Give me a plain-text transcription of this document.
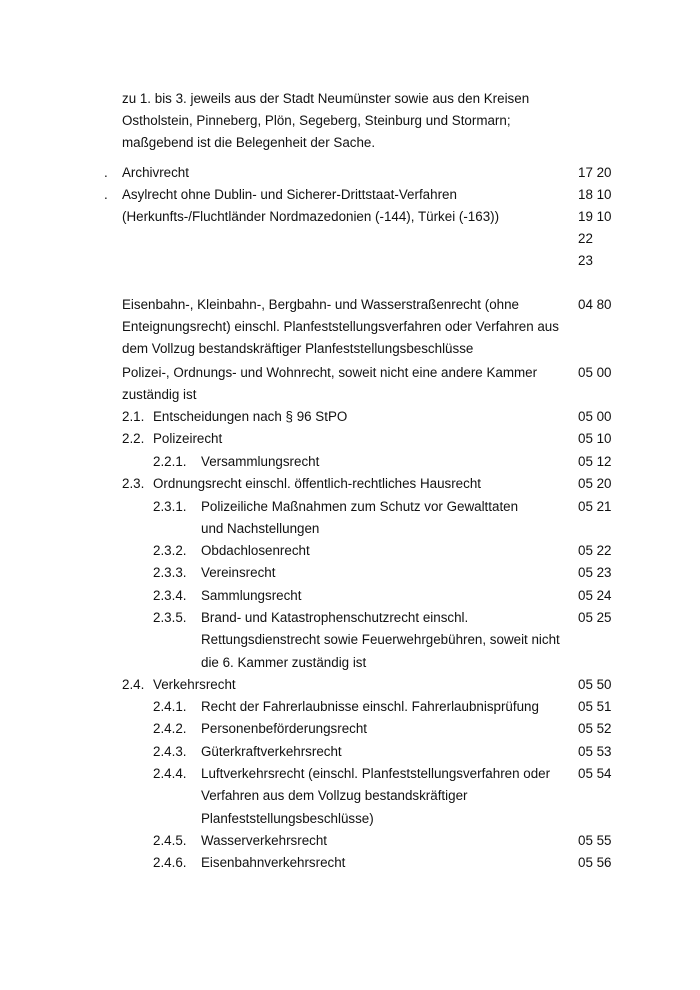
zu 1. bis 3. jeweils aus der Stadt Neumünster sowie aus den Kreisen
Ostholstein, Pinneberg, Plön, Segeberg, Steinburg und Stormarn;
maßgebend ist die Belegenheit der Sache.
. Archivrecht	17 20
. Asylrecht ohne Dublin- und Sicherer-Drittstaat-Verfahren	18 10
(Herkunfts-/Fluchtländer Nordmazedonien (-144), Türkei (-163))	19 10
22
23
Eisenbahn-, Kleinbahn-, Bergbahn- und Wasserstraßenrecht (ohne	04 80
Enteignungsrecht) einschl. Planfeststellungsverfahren oder Verfahren aus
dem Vollzug bestandskräftiger Planfeststellungsbeschlüsse
Polizei-, Ordnungs- und Wohnrecht, soweit nicht eine andere Kammer	05 00
zuständig ist
2.1. Entscheidungen nach § 96 StPO	05 00
2.2. Polizeirecht	05 10
2.2.1. Versammlungsrecht	05 12
2.3. Ordnungsrecht einschl. öffentlich-rechtliches Hausrecht	05 20
2.3.1. Polizeiliche Maßnahmen zum Schutz vor Gewalttaten	05 21
und Nachstellungen
2.3.2. Obdachlosenrecht	05 22
2.3.3. Vereinsrecht	05 23
2.3.4. Sammlungsrecht	05 24
2.3.5. Brand- und Katastrophenschutzrecht einschl.	05 25
Rettungsdienstrecht sowie Feuerwehrgebühren, soweit nicht
die 6. Kammer zuständig ist
2.4. Verkehrsrecht	05 50
2.4.1. Recht der Fahrerlaubnisse einschl. Fahrerlaubnisprüfung	05 51
2.4.2. Personenbeförderungsrecht	05 52
2.4.3. Güterkraftverkehrsrecht	05 53
2.4.4. Luftverkehrsrecht (einschl. Planfeststellungsverfahren oder 05 54
Verfahren aus dem Vollzug bestandskräftiger
Planfeststellungsbeschlüsse)
2.4.5. Wasserverkehrsrecht	05 55
2.4.6. Eisenbahnverkehrsrecht	05 56
